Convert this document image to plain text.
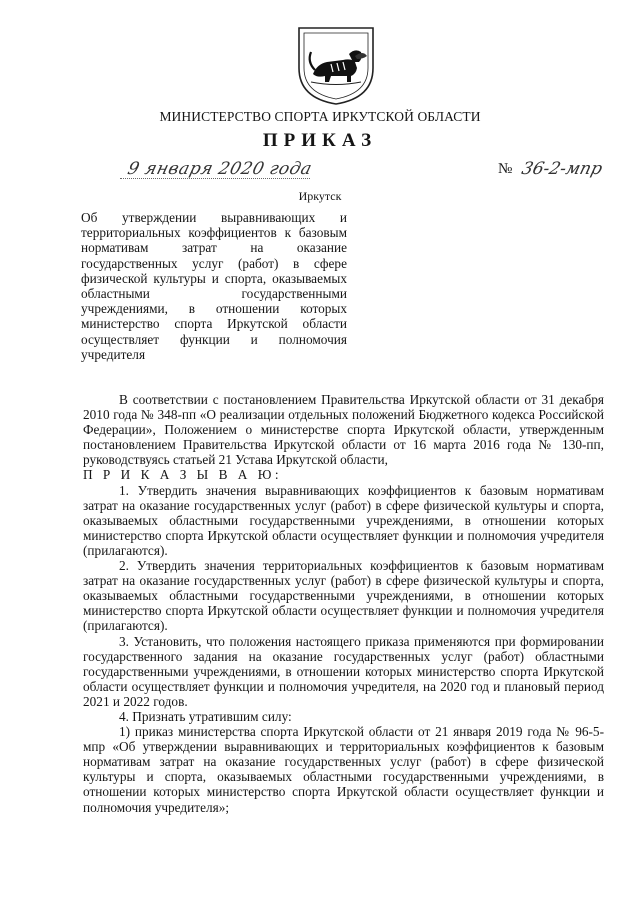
МИНИСТЕРСТВО СПОРТА ИРКУТСКОЙ ОБЛАСТИ
ПРИКАЗ
9 января 2020 года	№ 36-2-мпр
Иркутск
Об утверждении выравнивающих и территориальных коэффициентов к базовым нормативам затрат на оказание государственных услуг (работ) в сфере физической культуры и спорта, оказываемых областными государственными учреждениями, в отношении которых министерство спорта Иркутской области осуществляет функции и полномочия учредителя

В соответствии с постановлением Правительства Иркутской области от 31 декабря 2010 года № 348-пп «О реализации отдельных положений Бюджетного кодекса Российской Федерации», Положением о министерстве спорта Иркутской области, утвержденным постановлением Правительства Иркутской области от 16 марта 2016 года № 130-пп, руководствуясь статьей 21 Устава Иркутской области,

П Р И К А З Ы В А Ю:

1. Утвердить значения выравнивающих коэффициентов к базовым нормативам затрат на оказание государственных услуг (работ) в сфере физической культуры и спорта, оказываемых областными государственными учреждениями, в отношении которых министерство спорта Иркутской области осуществляет функции и полномочия учредителя (прилагаются).

2. Утвердить значения территориальных коэффициентов к базовым нормативам затрат на оказание государственных услуг (работ) в сфере физической культуры и спорта, оказываемых областными государственными учреждениями, в отношении которых министерство спорта Иркутской области осуществляет функции и полномочия учредителя (прилагаются).

3. Установить, что положения настоящего приказа применяются при формировании государственного задания на оказание государственных услуг (работ) областными государственными учреждениями, в отношении которых министерство спорта Иркутской области осуществляет функции и полномочия учредителя, на 2020 год и плановый период 2021 и 2022 годов.

4. Признать утратившим силу:

1) приказ министерства спорта Иркутской области от 21 января 2019 года № 96-5-мпр «Об утверждении выравнивающих и территориальных коэффициентов к базовым нормативам затрат на оказание государственных услуг (работ) в сфере физической культуры и спорта, оказываемых областными государственными учреждениями, в отношении которых министерство спорта Иркутской области осуществляет функции и полномочия учредителя»;
